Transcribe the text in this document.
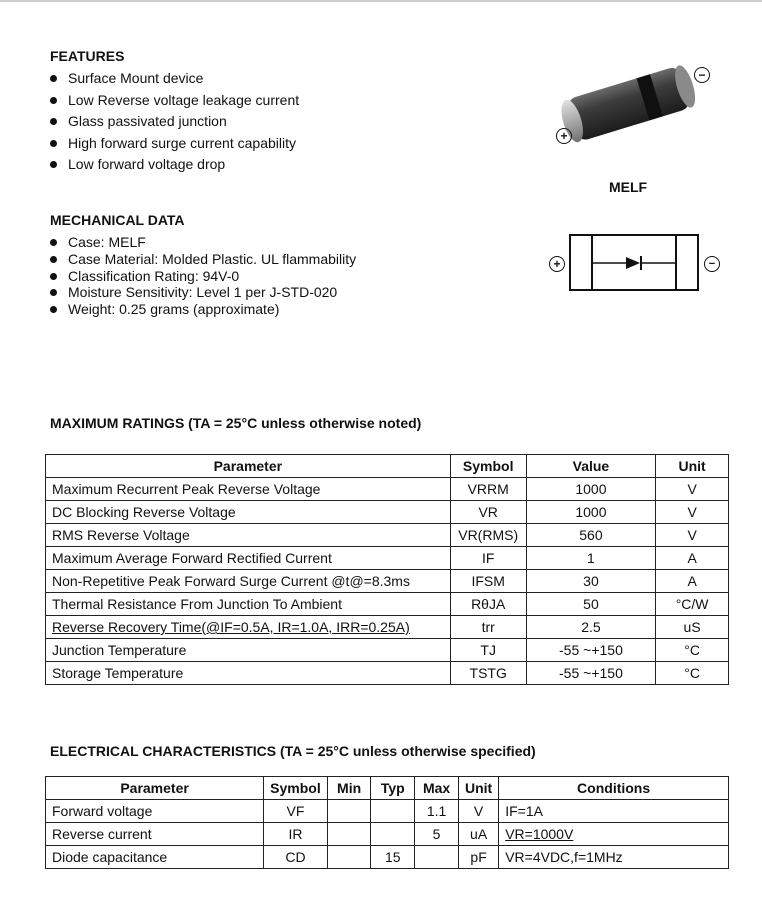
FEATURES
Surface Mount device
Low Reverse voltage leakage current
Glass passivated junction
High forward surge current capability
Low forward voltage drop
+
−
MELF
+	−
MECHANICAL DATA
Case: MELF
Case Material: Molded Plastic. UL flammability
Classification Rating: 94V-0
Moisture Sensitivity: Level 1 per J-STD-020
Weight: 0.25 grams (approximate)
MAXIMUM RATINGS (TA = 25°C unless otherwise noted)
Parameter	Symbol	Value	Unit
Maximum Recurrent Peak Reverse Voltage	VRRM	1000	V
DC Blocking Reverse Voltage	VR	1000	V
RMS Reverse Voltage	VR(RMS)	560	V
Maximum Average Forward Rectified Current	IF	1	A
Non-Repetitive Peak Forward Surge Current @t@=8.3ms	IFSM	30	A
Thermal Resistance From Junction To Ambient	RθJA	50	°C/W
Reverse Recovery Time(@IF=0.5A, IR=1.0A, IRR=0.25A)	trr	2.5	uS
Junction Temperature	TJ	-55 ~+150	°C
Storage Temperature	TSTG	-55 ~+150	°C
ELECTRICAL CHARACTERISTICS (TA = 25°C unless otherwise specified)
Parameter	Symbol	Min	Typ	Max	Unit	Conditions
Forward voltage	VF			1.1	V	IF=1A
Reverse current	IR			5	uA	VR=1000V
Diode capacitance	CD		15		pF	VR=4VDC,f=1MHz
